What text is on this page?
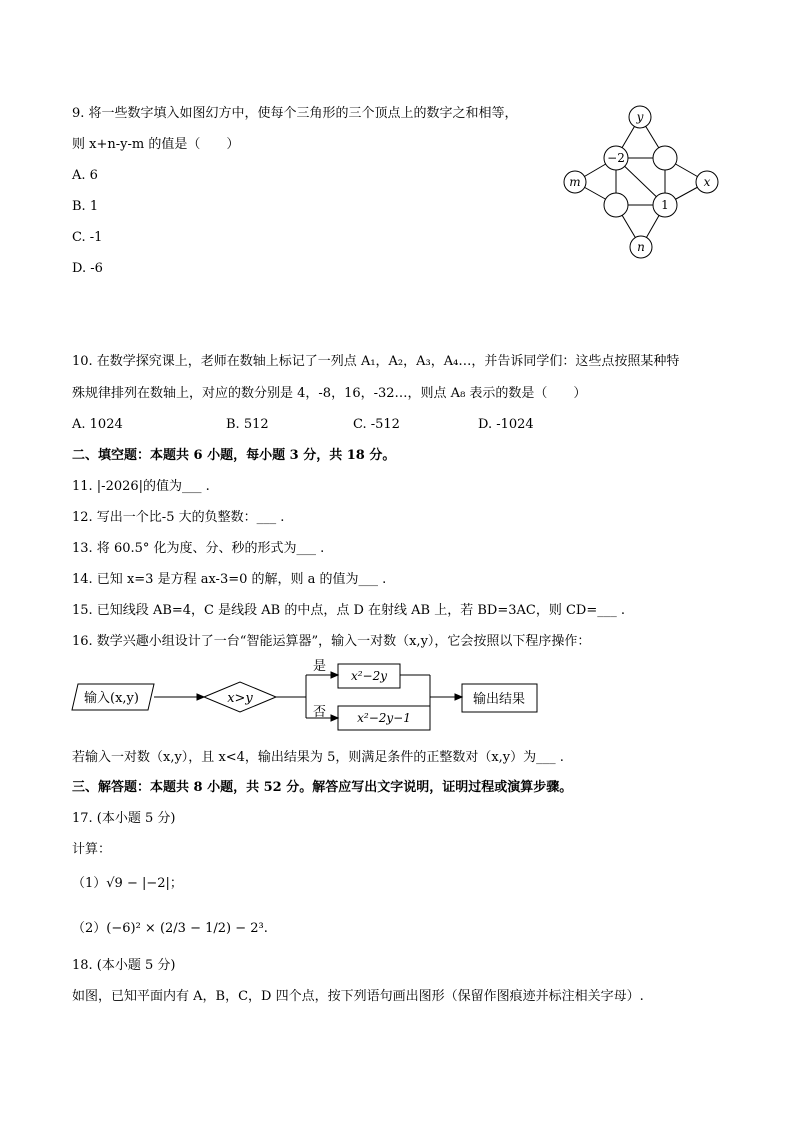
9. 将一些数字填入如图幻方中，使每个三角形的三个顶点上的数字之和相等，
则 x+n-y-m 的值是（　　）
A. 6
B. 1
C. -1
D. -6
y
−2
m	x
1
n
10. 在数学探究课上，老师在数轴上标记了一列点 A₁，A₂，A₃，A₄…，并告诉同学们：这些点按照某种特
殊规律排列在数轴上，对应的数分别是 4，-8，16，-32…，则点 A₈ 表示的数是（　　）
A. 1024	B. 512	C. -512	D. -1024
二、填空题：本题共 6 小题，每小题 3 分，共 18 分。
11. |-2026|的值为___ .
12. 写出一个比-5 大的负整数：___ .
13. 将 60.5° 化为度、分、秒的形式为___ .
14. 已知 x=3 是方程 ax-3=0 的解，则 a 的值为___ .
15. 已知线段 AB=4，C 是线段 AB 的中点，点 D 在射线 AB 上，若 BD=3AC，则 CD=___ .
16. 数学兴趣小组设计了一台“智能运算器”，输入一对数（x,y），它会按照以下程序操作：
输入(x,y)	x>y
是
否
x²−2y
x²−2y−1
输出结果
若输入一对数（x,y），且 x<4，输出结果为 5，则满足条件的正整数对（x,y）为___ .
三、解答题：本题共 8 小题，共 52 分。解答应写出文字说明，证明过程或演算步骤。
17. (本小题 5 分)
计算：
（1）√9 − |−2|；
（2）(−6)² × (2/3 − 1/2) − 2³.
18. (本小题 5 分)
如图，已知平面内有 A，B，C，D 四个点，按下列语句画出图形（保留作图痕迹并标注相关字母）.
